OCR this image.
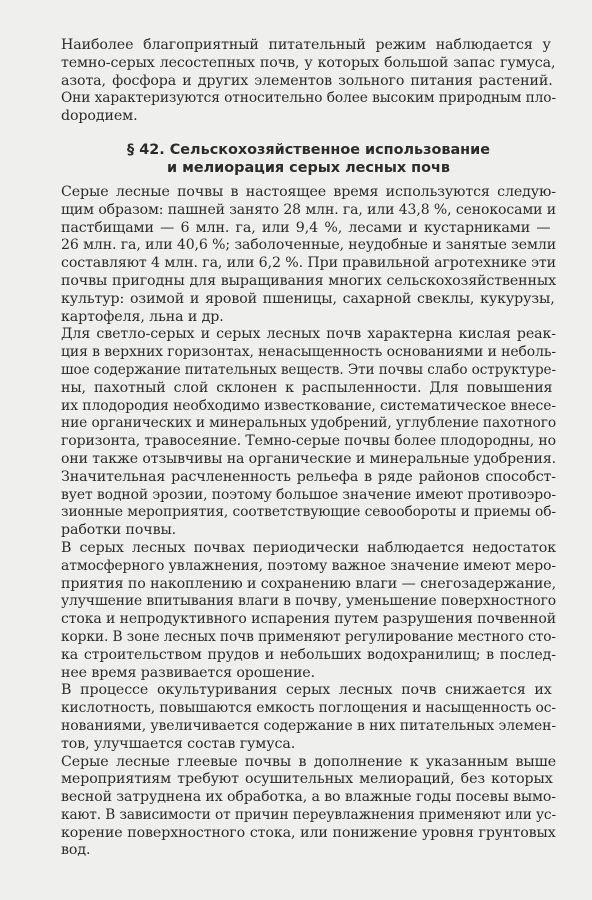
Наиболее благоприятный питательный режим наблюдается у
темно-серых лесостепных почв, у которых большой запас гумуса,
азота, фосфора и других элементов зольного питания растений.
Они характеризуются относительно более высоким природным пло-
dородием.
§ 42. Сельскохозяйственное использование
и мелиорация серых лесных почв
Серые лесные почвы в настоящее время используются следую-
щим образом: пашней занято 28 млн. га, или 43,8 %, сенокосами и
пастбищами — 6 млн. га, или 9,4 %, лесами и кустарниками —
26 млн. га, или 40,6 %; заболоченные, неудобные и занятые земли
составляют 4 млн. га, или 6,2 %. При правильной агротехнике эти
почвы пригодны для выращивания многих сельскохозяйственных
культур: озимой и яровой пшеницы, сахарной свеклы, кукурузы,
картофеля, льна и др.
Для светло-серых и серых лесных почв характерна кислая реак-
ция в верхних горизонтах, ненасыщенность основаниями и неболь-
шое содержание питательных веществ. Эти почвы слабо оструктуре-
ны, пахотный слой склонен к распыленности. Для повышения
их плодородия необходимо известкование, систематическое внесе-
ние органических и минеральных удобрений, углубление пахотного
горизонта, травосеяние. Темно-серые почвы более плодородны, но
они также отзывчивы на органические и минеральные удобрения.
Значительная расчлененность рельефа в ряде районов способст-
вует водной эрозии, поэтому большое значение имеют противоэро-
зионные мероприятия, соответствующие севообороты и приемы об-
работки почвы.
В серых лесных почвах периодически наблюдается недостаток
атмосферного увлажнения, поэтому важное значение имеют меро-
приятия по накоплению и сохранению влаги — снегозадержание,
улучшение впитывания влаги в почву, уменьшение поверхностного
стока и непродуктивного испарения путем разрушения почвенной
корки. В зоне лесных почв применяют регулирование местного сто-
ка строительством прудов и небольших водохранилищ; в послед-
нее время развивается орошение.
В процессе окультуривания серых лесных почв снижается их
кислотность, повышаются емкость поглощения и насыщенность ос-
нованиями, увеличивается содержание в них питательных элемен-
тов, улучшается состав гумуса.
Серые лесные глеевые почвы в дополнение к указанным выше
мероприятиям требуют осушительных мелиораций, без которых
весной затруднена их обработка, а во влажные годы посевы вымо-
кают. В зависимости от причин переувлажнения применяют или ус-
корение поверхностного стока, или понижение уровня грунтовых
вод.
